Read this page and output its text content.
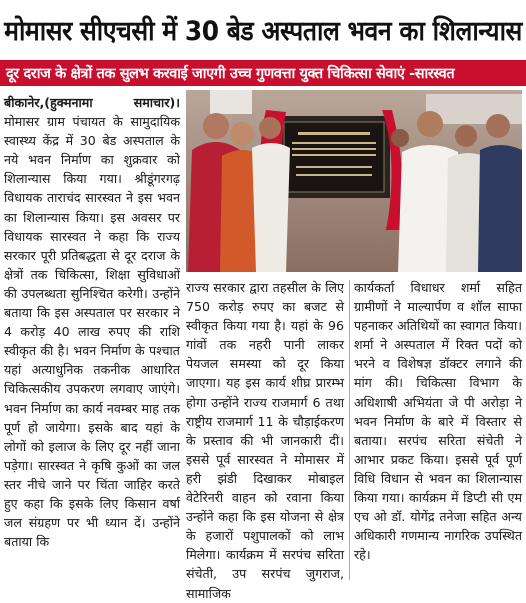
मोमासर सीएचसी में 30 बेड अस्पताल भवन का शिलान्यास
दूर दराज के क्षेत्रों तक सुलभ करवाई जाएगी उच्च गुणवत्ता युक्त चिकित्सा सेवाएं -सारस्वत
बीकानेर,(हुक्मनामा समाचार)। मोमासर ग्राम पंचायत के सामुदायिक स्वास्थ्य केंद्र में 30 बेड अस्पताल के नये भवन निर्माण का शुक्रवार को शिलान्यास किया गया। श्रीडूंगरगढ़ विधायक ताराचंद सारस्वत ने इस भवन का शिलान्यास किया। इस अवसर पर विधायक सारस्वत ने कहा कि राज्य सरकार पूरी प्रतिबद्धता से दूर दराज के क्षेत्रों तक चिकित्सा, शिक्षा सुविधाओं की उपलब्धता सुनिश्चित करेगी। उन्होंने बताया कि इस अस्पताल पर सरकार ने 4 करोड़ 40 लाख रुपए की राशि स्वीकृत की है। भवन निर्माण के पश्चात यहां अत्याधुनिक तकनीक आधारित चिकित्सकीय उपकरण लगवाए जाएंगे। भवन निर्माण का कार्य नवम्बर माह तक पूर्ण हो जायेगा। इसके बाद यहां के लोगों को इलाज के लिए दूर नहीं जाना पड़ेगा। सारस्वत ने कृषि कुओं का जल स्तर नीचे जाने पर चिंता जाहिर करते हुए कहा कि इसके लिए किसान वर्षा जल संग्रहण पर भी ध्यान दें। उन्होंने बताया कि
राज्य सरकार द्वारा तहसील के लिए 750 करोड़ रुपए का बजट से स्वीकृत किया गया है। यहां के 96 गांवों तक नहरी पानी लाकर पेयजल समस्या को दूर किया जाएगा। यह इस कार्य शीघ्र प्रारम्भ होगा उन्होंने राज्य राजमार्ग 6 तथा राष्ट्रीय राजमार्ग 11 के चौड़ाईकरण के प्रस्ताव की भी जानकारी दी। इससे पूर्व सारस्वत ने मोमासर में हरी झंडी दिखाकर मोबाइल वेटेरिनरी वाहन को रवाना किया उन्होंने कहा कि इस योजना से क्षेत्र के हजारों पशुपालकों को लाभ मिलेगा। कार्यक्रम में सरपंच सरिता संचेती, उप सरपंच जुगराज, सामाजिक
कार्यकर्ता विधाधर शर्मा सहित ग्रामीणों ने माल्यार्पण व शॉल साफा पहनाकर अतिथियों का स्वागत किया। शर्मा ने अस्पताल में रिक्त पदों को भरने व विशेषज्ञ डॉक्टर लगाने की मांग की। चिकित्सा विभाग के अधिशाषी अभियंता जे पी अरोड़ा ने भवन निर्माण के बारे में विस्तार से बताया। सरपंच सरिता संचेती ने आभार प्रकट किया। इससे पूर्व पूर्ण विधि विधान से भवन का शिलान्यास किया गया। कार्यक्रम में डिप्टी सी एम एच ओ डॉ. योगेंद्र तनेजा सहित अन्य अधिकारी गणमान्य नागरिक उपस्थित रहे।
